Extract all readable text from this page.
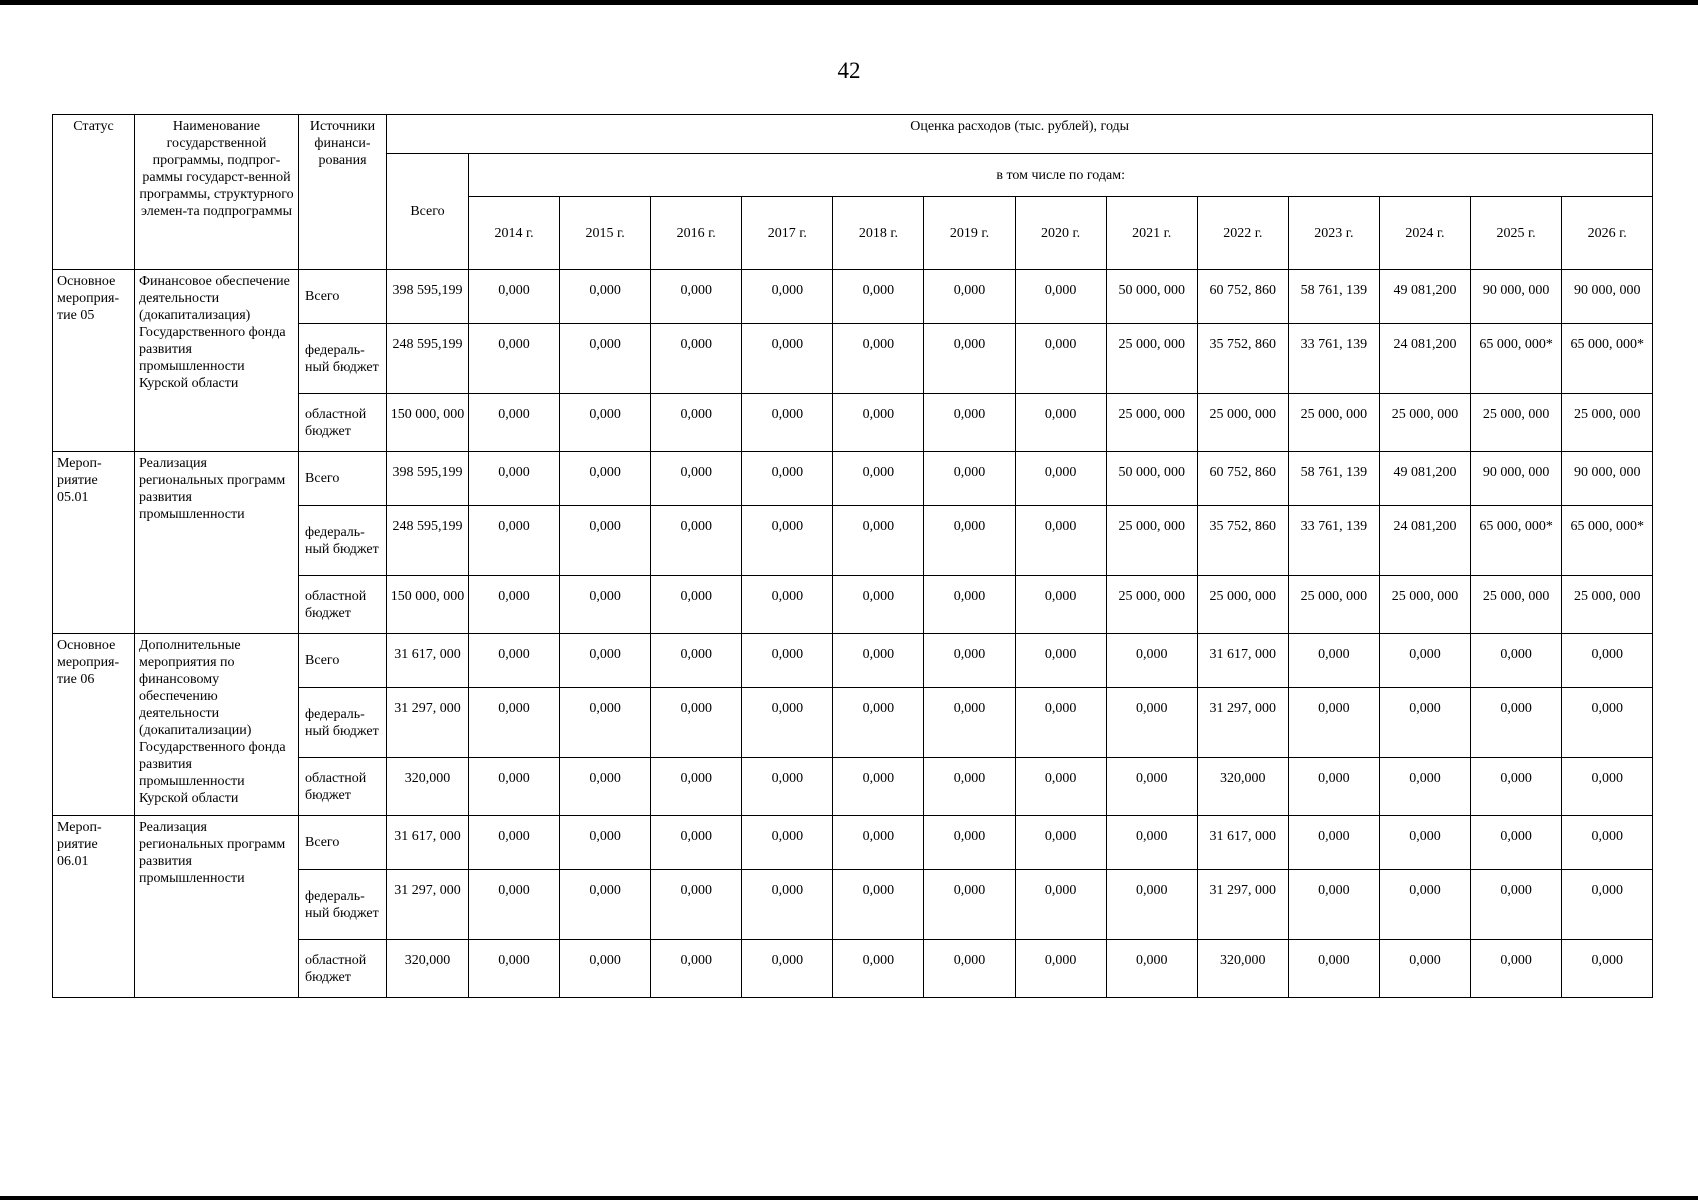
42
Статус	Наименование государственной программы, подпрог-раммы государст-венной программы, структурного элемен-та подпрограммы	Источники финанси-рования	Оценка расходов (тыс. рублей), годы													
			Всего	в том числе по годам:												
				2014 г.	2015 г.	2016 г.	2017 г.	2018 г.	2019 г.	2020 г.	2021 г.	2022 г.	2023 г.	2024 г.	2025 г.	2026 г.
Основное мероприя-тие 05	Финансовое обеспечение деятельности (докапитализация) Государственного фонда развития промышленности Курской области	Всего	398 595,199	0,000	0,000	0,000	0,000	0,000	0,000	0,000	50 000, 000	60 752, 860	58 761, 139	49 081,200	90 000, 000	90 000, 000
		федераль-ный бюджет	248 595,199	0,000	0,000	0,000	0,000	0,000	0,000	0,000	25 000, 000	35 752, 860	33 761, 139	24 081,200	65 000, 000*	65 000, 000*
		областной бюджет	150 000, 000	0,000	0,000	0,000	0,000	0,000	0,000	0,000	25 000, 000	25 000, 000	25 000, 000	25 000, 000	25 000, 000	25 000, 000
Мероп-риятие 05.01	Реализация региональных программ развития промышленности	Всего	398 595,199	0,000	0,000	0,000	0,000	0,000	0,000	0,000	50 000, 000	60 752, 860	58 761, 139	49 081,200	90 000, 000	90 000, 000
		федераль-ный бюджет	248 595,199	0,000	0,000	0,000	0,000	0,000	0,000	0,000	25 000, 000	35 752, 860	33 761, 139	24 081,200	65 000, 000*	65 000, 000*
		областной бюджет	150 000, 000	0,000	0,000	0,000	0,000	0,000	0,000	0,000	25 000, 000	25 000, 000	25 000, 000	25 000, 000	25 000, 000	25 000, 000
Основное мероприя-тие 06	Дополнительные мероприятия по финансовому обеспечению деятельности (докапитализации) Государственного фонда развития промышленности Курской области	Всего	31 617, 000	0,000	0,000	0,000	0,000	0,000	0,000	0,000	0,000	31 617, 000	0,000	0,000	0,000	0,000
		федераль-ный бюджет	31 297, 000	0,000	0,000	0,000	0,000	0,000	0,000	0,000	0,000	31 297, 000	0,000	0,000	0,000	0,000
		областной бюджет	320,000	0,000	0,000	0,000	0,000	0,000	0,000	0,000	0,000	320,000	0,000	0,000	0,000	0,000
Мероп-риятие 06.01	Реализация региональных программ развития промышленности	Всего	31 617, 000	0,000	0,000	0,000	0,000	0,000	0,000	0,000	0,000	31 617, 000	0,000	0,000	0,000	0,000
		федераль-ный бюджет	31 297, 000	0,000	0,000	0,000	0,000	0,000	0,000	0,000	0,000	31 297, 000	0,000	0,000	0,000	0,000
		областной бюджет	320,000	0,000	0,000	0,000	0,000	0,000	0,000	0,000	0,000	320,000	0,000	0,000	0,000	0,000
